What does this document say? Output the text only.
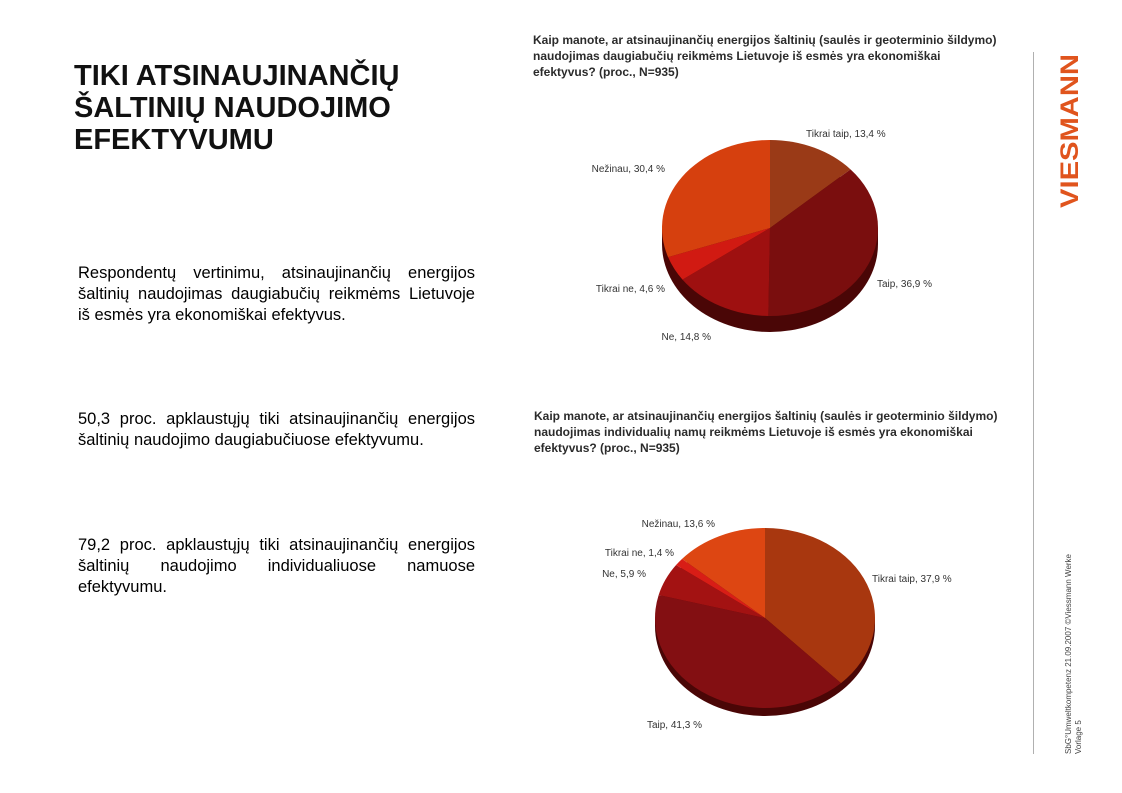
TIKI ATSINAUJINANČIŲ ŠALTINIŲ NAUDOJIMO EFEKTYVUMU
Respondentų vertinimu, atsinaujinančių energijos šaltinių naudojimas daugiabučių reikmėms Lietuvoje iš esmės yra ekonomiškai efektyvus.
50,3 proc. apklaustųjų tiki atsinaujinančių energijos šaltinių naudojimo daugiabučiuose efektyvumu.
79,2 proc. apklaustųjų tiki atsinaujinančių energijos šaltinių naudojimo individualiuose namuose efektyvumu.
Kaip manote, ar atsinaujinančių energijos šaltinių (saulės ir geoterminio šildymo) naudojimas daugiabučių reikmėms Lietuvoje iš esmės yra ekonomiškai efektyvus? (proc., N=935)
Kaip manote, ar atsinaujinančių energijos šaltinių (saulės ir geoterminio šildymo) naudojimas individualių namų reikmėms Lietuvoje iš esmės yra ekonomiškai efektyvus? (proc., N=935)
Tikrai taip, 13,4 %
Taip, 36,9 %
Ne, 14,8 %
Tikrai ne, 4,6 %
Nežinau, 30,4 %
Tikrai taip, 37,9 %
Taip, 41,3 %
Ne, 5,9 %
Tikrai ne, 1,4 %
Nežinau, 13,6 %
VIESMANN
SbG°Umweltkompetenz 21.09.2007 ©Viessmann Werke Vorlage 5
